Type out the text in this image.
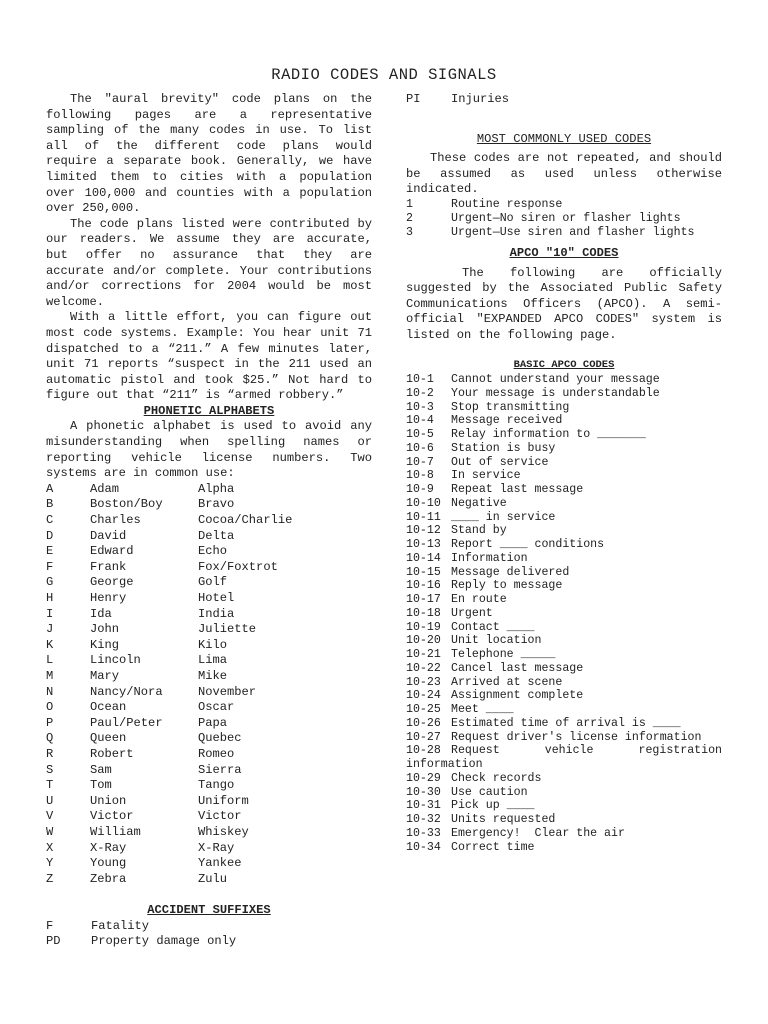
RADIO CODES AND SIGNALS

The "aural brevity" code plans on the following pages are a representative sampling of the many codes in use. To list all of the different code plans would require a separate book. Generally, we have limited them to cities with a population over 100,000 and counties with a population over 250,000.

The code plans listed were contributed by our readers. We assume they are accurate, but offer no assurance that they are accurate and/or complete. Your contributions and/or corrections for 2004 would be most welcome.

With a little effort, you can figure out most code systems. Example: You hear unit 71 dispatched to a “211.” A few minutes later, unit 71 reports “suspect in the 211 used an automatic pistol and took $25.” Not hard to figure out that “211” is “armed robbery.”

PHONETIC ALPHABETS

A phonetic alphabet is used to avoid any misunderstanding when spelling names or reporting vehicle license numbers. Two systems are in common use:

A	Adam	Alpha
B	Boston/Boy	Bravo
C	Charles	Cocoa/Charlie
D	David	Delta
E	Edward	Echo
F	Frank	Fox/Foxtrot
G	George	Golf
H	Henry	Hotel
I	Ida	India
J	John	Juliette
K	King	Kilo
L	Lincoln	Lima
M	Mary	Mike
N	Nancy/Nora	November
O	Ocean	Oscar
P	Paul/Peter	Papa
Q	Queen	Quebec
R	Robert	Romeo
S	Sam	Sierra
T	Tom	Tango
U	Union	Uniform
V	Victor	Victor
W	William	Whiskey
X	X-Ray	X-Ray
Y	Young	Yankee
Z	Zebra	Zulu
ACCIDENT SUFFIXES
F	Fatality
PD	Property damage only
PI	Injuries
MOST COMMONLY USED CODES

These codes are not repeated, and should be assumed as used unless otherwise indicated.

1	Routine response
2	Urgent—No siren or flasher lights
3	Urgent—Use siren and flasher lights
APCO "10" CODES

The following are officially suggested by the Associated Public Safety Communications Officers (APCO). A semi-official "EXPANDED APCO CODES" system is listed on the following page.

BASIC APCO CODES
10-1	Cannot understand your message
10-2	Your message is understandable
10-3	Stop transmitting
10-4	Message received
10-5	Relay information to _______
10-6	Station is busy
10-7	Out of service
10-8	In service
10-9	Repeat last message
10-10 Negative
10-11 ____ in service
10-12 Stand by
10-13 Report ____ conditions
10-14 Information
10-15 Message delivered
10-16 Reply to message
10-17 En route
10-18 Urgent
10-19 Contact ____
10-20 Unit location
10-21 Telephone _____
10-22 Cancel last message
10-23 Arrived at scene
10-24 Assignment complete
10-25 Meet ____
10-26 Estimated time of arrival is ____
10-27 Request driver's license information
10-28 Request vehicle registration information
10-29 Check records
10-30 Use caution
10-31 Pick up ____
10-32 Units requested
10-33 Emergency!  Clear the air
10-34 Correct time
